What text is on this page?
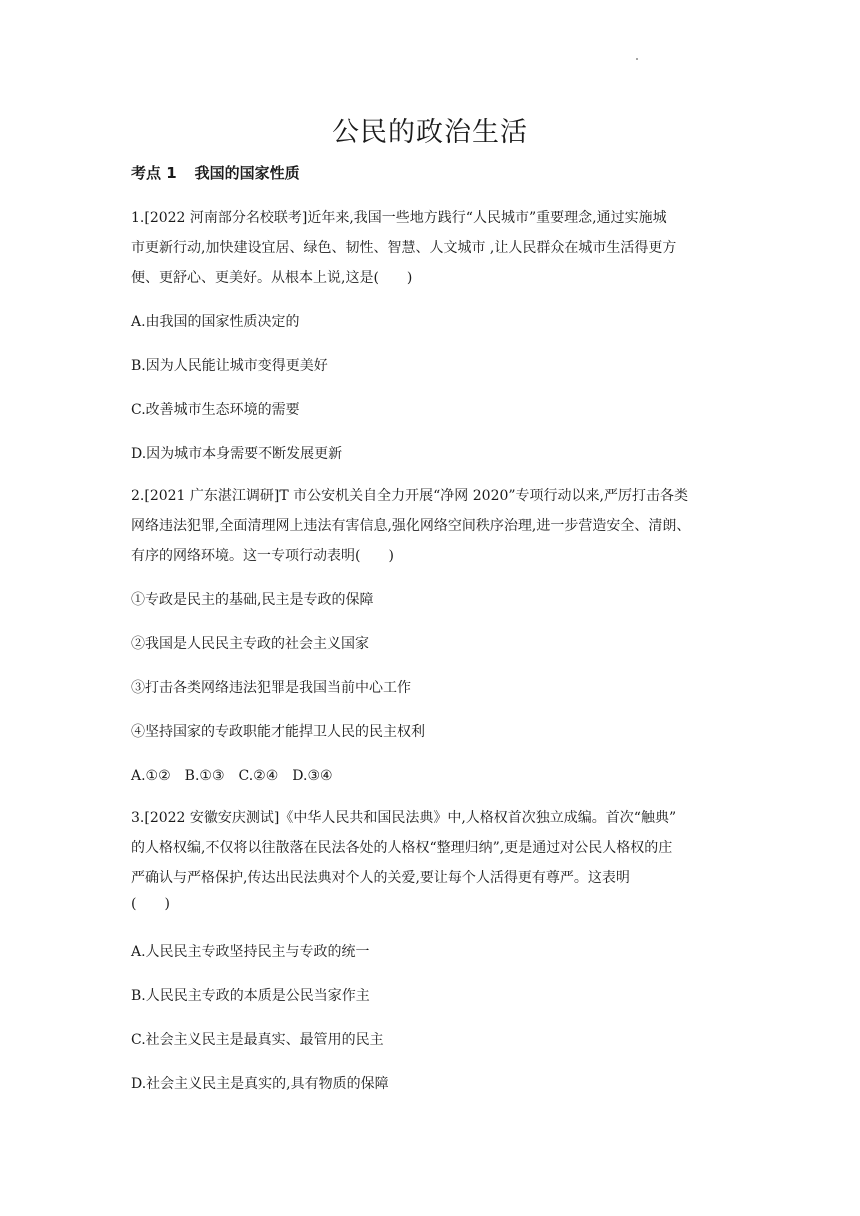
公民的政治生活
考点 1 我国的国家性质
1.[2022 河南部分名校联考]近年来,我国一些地方践行“人民城市”重要理念,通过实施城
市更新行动,加快建设宜居、绿色、韧性、智慧、人文城市 ,让人民群众在城市生活得更方
便、更舒心、更美好。从根本上说,这是(　　)
A.由我国的国家性质决定的
B.因为人民能让城市变得更美好
C.改善城市生态环境的需要
D.因为城市本身需要不断发展更新
2.[2021 广东湛江调研]T 市公安机关自全力开展“净网 2020”专项行动以来,严厉打击各类
网络违法犯罪,全面清理网上违法有害信息,强化网络空间秩序治理,进一步营造安全、清朗、
有序的网络环境。这一专项行动表明(　　)
①专政是民主的基础,民主是专政的保障
②我国是人民民主专政的社会主义国家
③打击各类网络违法犯罪是我国当前中心工作
④坚持国家的专政职能才能捍卫人民的民主权利
A.①②　B.①③　C.②④　D.③④
3.[2022 安徽安庆测试]《中华人民共和国民法典》中,人格权首次独立成编。首次“触典”
的人格权编,不仅将以往散落在民法各处的人格权“整理归纳”,更是通过对公民人格权的庄
严确认与严格保护,传达出民法典对个人的关爱,要让每个人活得更有尊严。这表明
(　　)
A.人民民主专政坚持民主与专政的统一
B.人民民主专政的本质是公民当家作主
C.社会主义民主是最真实、最管用的民主
D.社会主义民主是真实的,具有物质的保障
